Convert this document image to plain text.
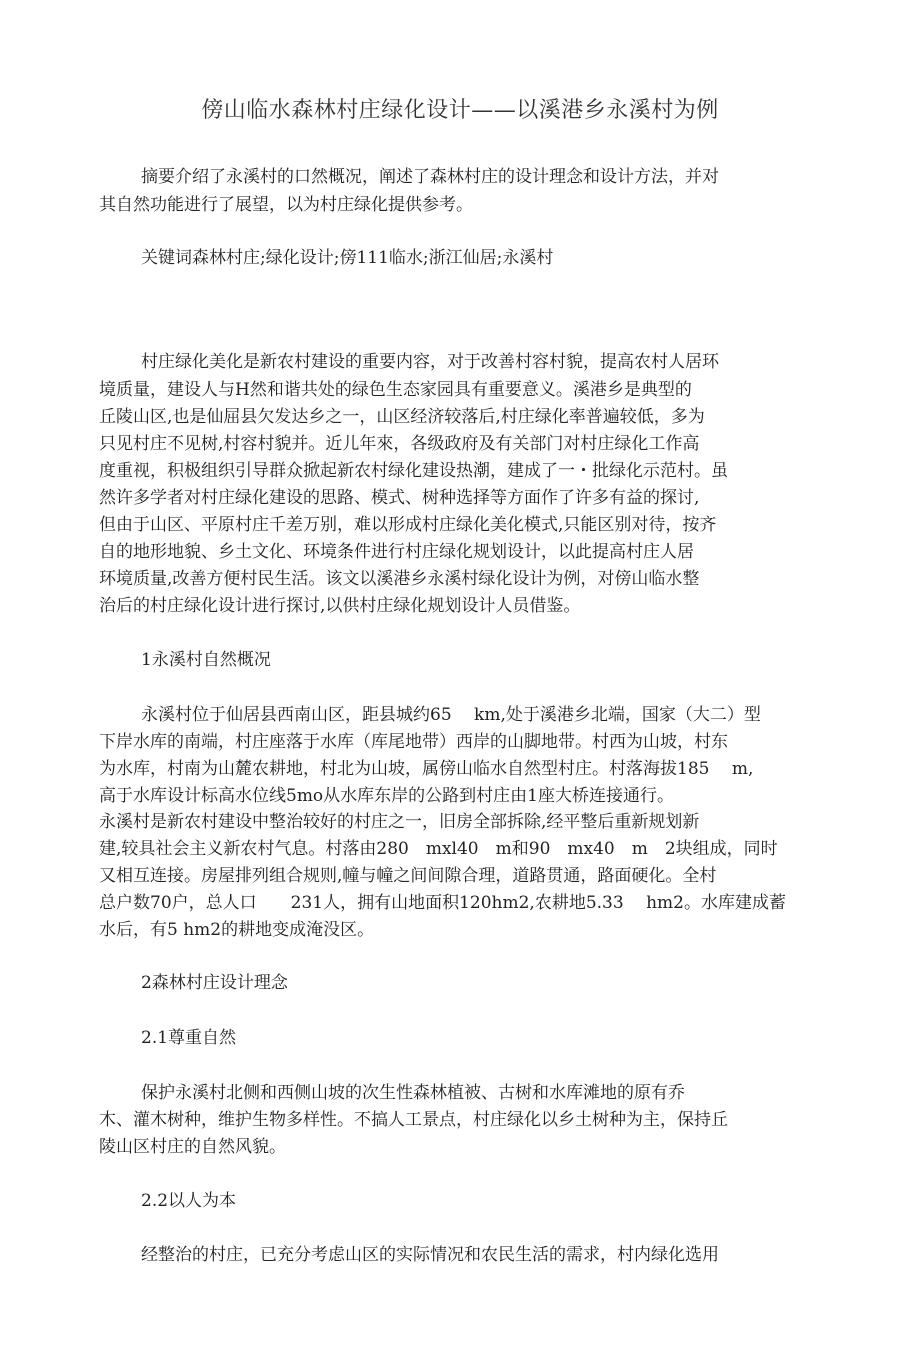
傍山临水森林村庄绿化设计——以溪港乡永溪村为例
摘要介绍了永溪村的口然概况，阐述了森林村庄的设计理念和设计方法，并对
其自然功能进行了展望，以为村庄绿化提供参考。
关键词森林村庄;绿化设计;傍111临水;浙江仙居;永溪村
村庄绿化美化是新农村建设的重要内容，对于改善村容村貌，提高农村人居环
境质量，建设人与H然和谐共处的绿色生态家园具有重要意义。溪港乡是典型的
丘陵山区,也是仙屈县欠发达乡之一，山区经济较落后,村庄绿化率普遍较低，多为
只见村庄不见树,村容村貌并。近儿年來，各级政府及有关部门对村庄绿化工作高
度重视，积极组织引导群众掀起新农村绿化建设热潮，建成了一・批绿化示范村。虽
然许多学者对村庄绿化建设的思路、模式、树种选择等方面作了许多有益的探讨,
但由于山区、平原村庄千差万别，难以形成村庄绿化美化模式,只能区别对待，按齐
自的地形地貌、乡土文化、环境条件进行村庄绿化规划设计，以此提高村庄人居
环境质量,改善方便村民生活。该文以溪港乡永溪村绿化设计为例，对傍山临水整
治后的村庄绿化设计进行探讨,以供村庄绿化规划设计人员借鉴。
1永溪村自然概况
永溪村位于仙居县西南山区，距县城约65　 km,处于溪港乡北端，国家（大二）型
下岸水库的南端，村庄座落于水库（库尾地带）西岸的山脚地带。村西为山坡，村东
为水库，村南为山麓农耕地，村北为山坡，属傍山临水自然型村庄。村落海拔185　 m,
高于水库设计标高水位线5mo从水库东岸的公路到村庄由1座大桥连接通行。
永溪村是新农村建设中整治较好的村庄之一，旧房全部拆除,经平整后重新规划新
建,较具社会主义新农村气息。村落由280　mxl40　m和90　mx40　m　2块组成，同时
又相互连接。房屋排列组合规则,幢与幢之间间隙合理，道路贯通，路面硬化。全村
总户数70户，总人口　　231人，拥有山地面积120hm2,农耕地5.33　 hm2。水库建成蓄
水后，有5 hm2的耕地变成淹没区。
2森林村庄设计理念
2.1尊重自然
保护永溪村北侧和西侧山坡的次生性森林植被、古树和水库滩地的原有乔
木、灌木树种，维护生物多样性。不搞人工景点，村庄绿化以乡土树种为主，保持丘
陵山区村庄的自然风貌。
2.2以人为本
经整治的村庄，已充分考虑山区的实际情况和农民生活的需求，村内绿化选用
